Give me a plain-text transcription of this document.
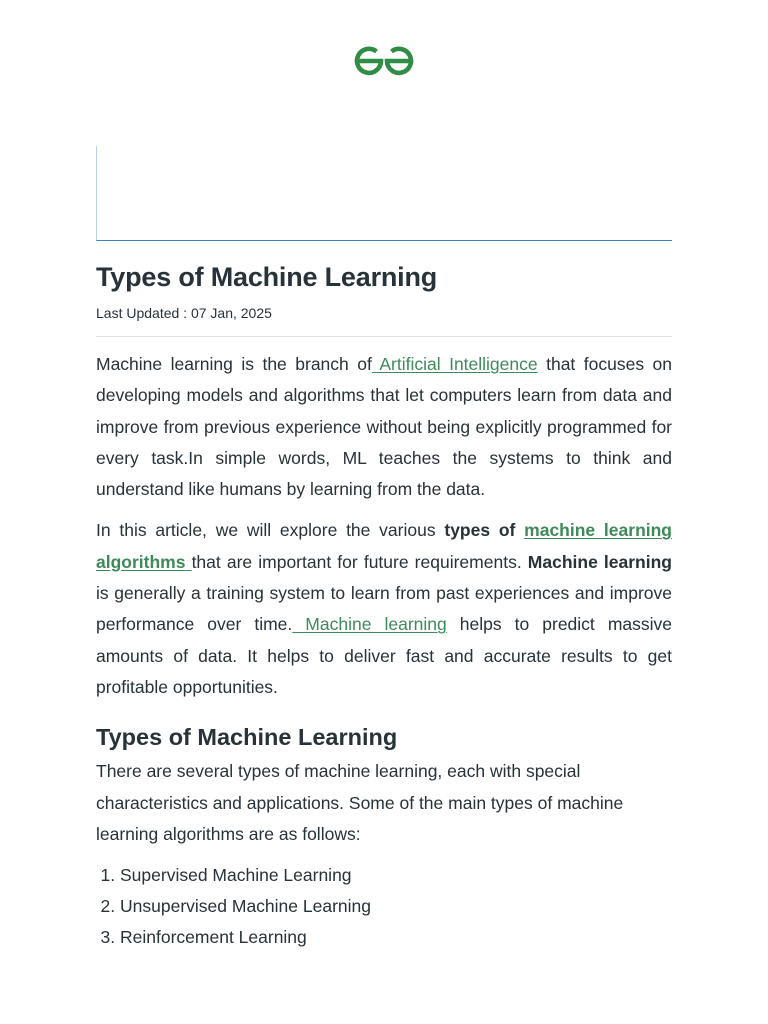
Types of Machine Learning
Last Updated : 07 Jan, 2025

Machine learning is the branch of Artificial Intelligence that focuses on developing models and algorithms that let computers learn from data and improve from previous experience without being explicitly programmed for every task.In simple words, ML teaches the systems to think and understand like humans by learning from the data.

In this article, we will explore the various types of machine learning algorithms that are important for future requirements. Machine learning is generally a training system to learn from past experiences and improve performance over time. Machine learning helps to predict massive amounts of data. It helps to deliver fast and accurate results to get profitable opportunities.

Types of Machine Learning

There are several types of machine learning, each with special characteristics and applications. Some of the main types of machine learning algorithms are as follows:

1. Supervised Machine Learning
2. Unsupervised Machine Learning
3. Reinforcement Learning
